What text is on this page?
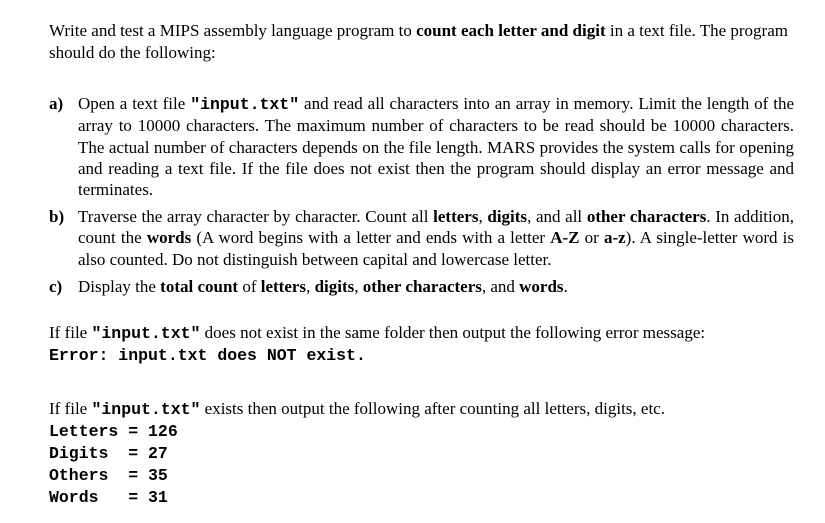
Write and test a MIPS assembly language program to count each letter and digit in a text file. The program should do the following:

a) Open a text file "input.txt" and read all characters into an array in memory. Limit the length of the array to 10000 characters. The maximum number of characters to be read should be 10000 characters. The actual number of characters depends on the file length. MARS provides the system calls for opening and reading a text file. If the file does not exist then the program should display an error message and terminates.
b) Traverse the array character by character. Count all letters, digits, and all other characters. In addition, count the words (A word begins with a letter and ends with a letter A-Z or a-z). A single-letter word is also counted. Do not distinguish between capital and lowercase letter.
c) Display the total count of letters, digits, other characters, and words.

If file "input.txt" does not exist in the same folder then output the following error message:

Error: input.txt does NOT exist.

If file "input.txt" exists then output the following after counting all letters, digits, etc.

Letters = 126
Digits  = 27
Others  = 35
Words   = 31
